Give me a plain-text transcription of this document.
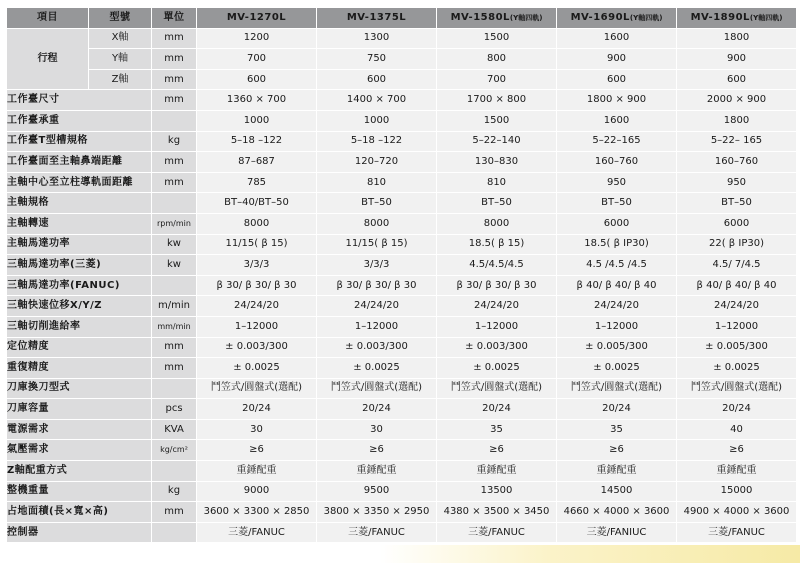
項目	型號	單位	MV-1270L	MV-1375L	MV-1580L(Y軸四軌)	MV-1690L(Y軸四軌)	MV-1890L(Y軸四軌)
行程	X軸	mm	1200	1300	1500	1600	1800
	Y軸	mm	700	750	800	900	900
	Z軸	mm	600	600	700	600	600
工作臺尺寸		mm	1360 × 700	1400 × 700	1700 × 800	1800 × 900	2000 × 900
工作臺承重			1000	1000	1500	1600	1800
工作臺T型槽規格		kg	5–18 –122	5–18 –122	5–22–140	5–22–165	5–22– 165
工作臺面至主軸鼻端距離		mm	87–687	120–720	130–830	160–760	160–760
主軸中心至立柱導軌面距離		mm	785	810	810	950	950
主軸規格			BT–40/BT–50	BT–50	BT–50	BT–50	BT–50
主軸轉速		rpm/min	8000	8000	8000	6000	6000
主軸馬達功率		kw	11/15( β 15)	11/15( β 15)	18.5( β 15)	18.5( β IP30)	22( β IP30)
三軸馬達功率(三菱)		kw	3/3/3	3/3/3	4.5/4.5/4.5	4.5 /4.5 /4.5	4.5/ 7/4.5
三軸馬達功率(FANUC)			β 30/ β 30/ β 30	β 30/ β 30/ β 30	β 30/ β 30/ β 30	β 40/ β 40/ β 40	β 40/ β 40/ β 40
三軸快速位移X/Y/Z		m/min	24/24/20	24/24/20	24/24/20	24/24/20	24/24/20
三軸切削進給率		mm/min	1–12000	1–12000	1–12000	1–12000	1–12000
定位精度		mm	± 0.003/300	± 0.003/300	± 0.003/300	± 0.005/300	± 0.005/300
重復精度		mm	± 0.0025	± 0.0025	± 0.0025	± 0.0025	± 0.0025
刀庫換刀型式			鬥笠式/圓盤式(選配)	鬥笠式/圓盤式(選配)	鬥笠式/圓盤式(選配)	鬥笠式/圓盤式(選配)	鬥笠式/圓盤式(選配)
刀庫容量		pcs	20/24	20/24	20/24	20/24	20/24
電源需求		KVA	30	30	35	35	40
氣壓需求		kg/cm²	≥6	≥6	≥6	≥6	≥6
Z軸配重方式			重錘配重	重錘配重	重錘配重	重錘配重	重錘配重
整機重量		kg	9000	9500	13500	14500	15000
占地面積(長×寬×高)		mm	3600 × 3300 × 2850	3800 × 3350 × 2950	4380 × 3500 × 3450	4660 × 4000 × 3600	4900 × 4000 × 3600
控制器			三菱/FANUC	三菱/FANUC	三菱/FANUC	三菱/FANIUC	三菱/FANUC
